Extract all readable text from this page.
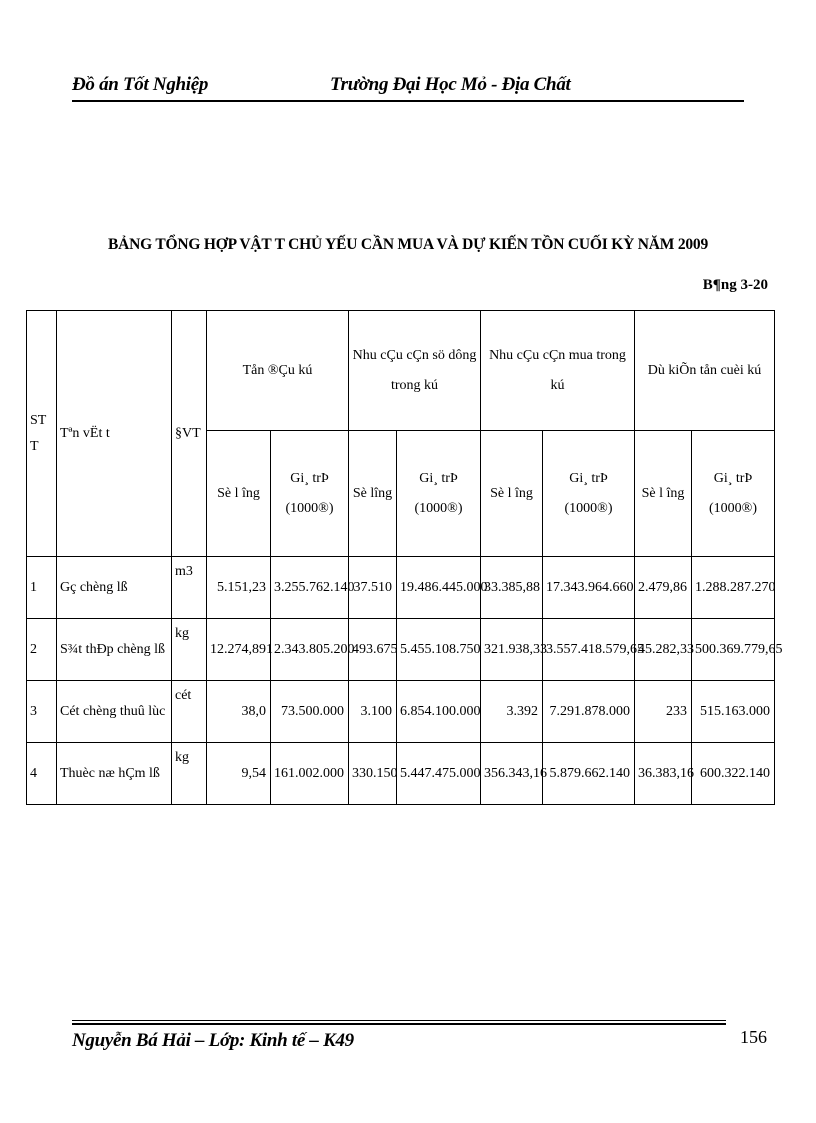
Đồ án Tốt Nghiệp	Trường Đại Học Mỏ - Địa Chất
BẢNG TỔNG HỢP VẬT T CHỦ YẾU CẦN MUA VÀ DỰ KIẾN TỒN CUỐI KỲ NĂM 2009
B¶ng 3-20
ST T	Tªn vËt t	§VT	Tån ®Çu kú		Nhu cÇu cÇn sö dông trong kú		Nhu cÇu cÇn mua trong kú		Dù kiÕn tån cuèi kú	
			Sè l îng	Gi¸ trÞ (1000®)	Sè lîng	Gi¸ trÞ (1000®)	Sè l îng	Gi¸ trÞ (1000®)	Sè l îng	Gi¸ trÞ (1000®)
1	Gç chèng lß	m3	5.151,23	3.255.762.140	37.510	19.486.445.000	33.385,88	17.343.964.660	2.479,86	1.288.287.270
2	S¾t thÐp chèng lß	kg	12.274,891	2.343.805.200	493.675	5.455.108.750	321.938,33	3.557.418.579,65	45.282,33	500.369.779,65
3	Cét chèng thuû lùc	cét	38,0	73.500.000	3.100	6.854.100.000	3.392	7.291.878.000	233	515.163.000
4	Thuèc næ hÇm lß	kg	9,54	161.002.000	330.150	5.447.475.000	356.343,16	5.879.662.140	36.383,16	600.322.140
Nguyễn Bá Hải – Lớp: Kinh tế – K49	156
